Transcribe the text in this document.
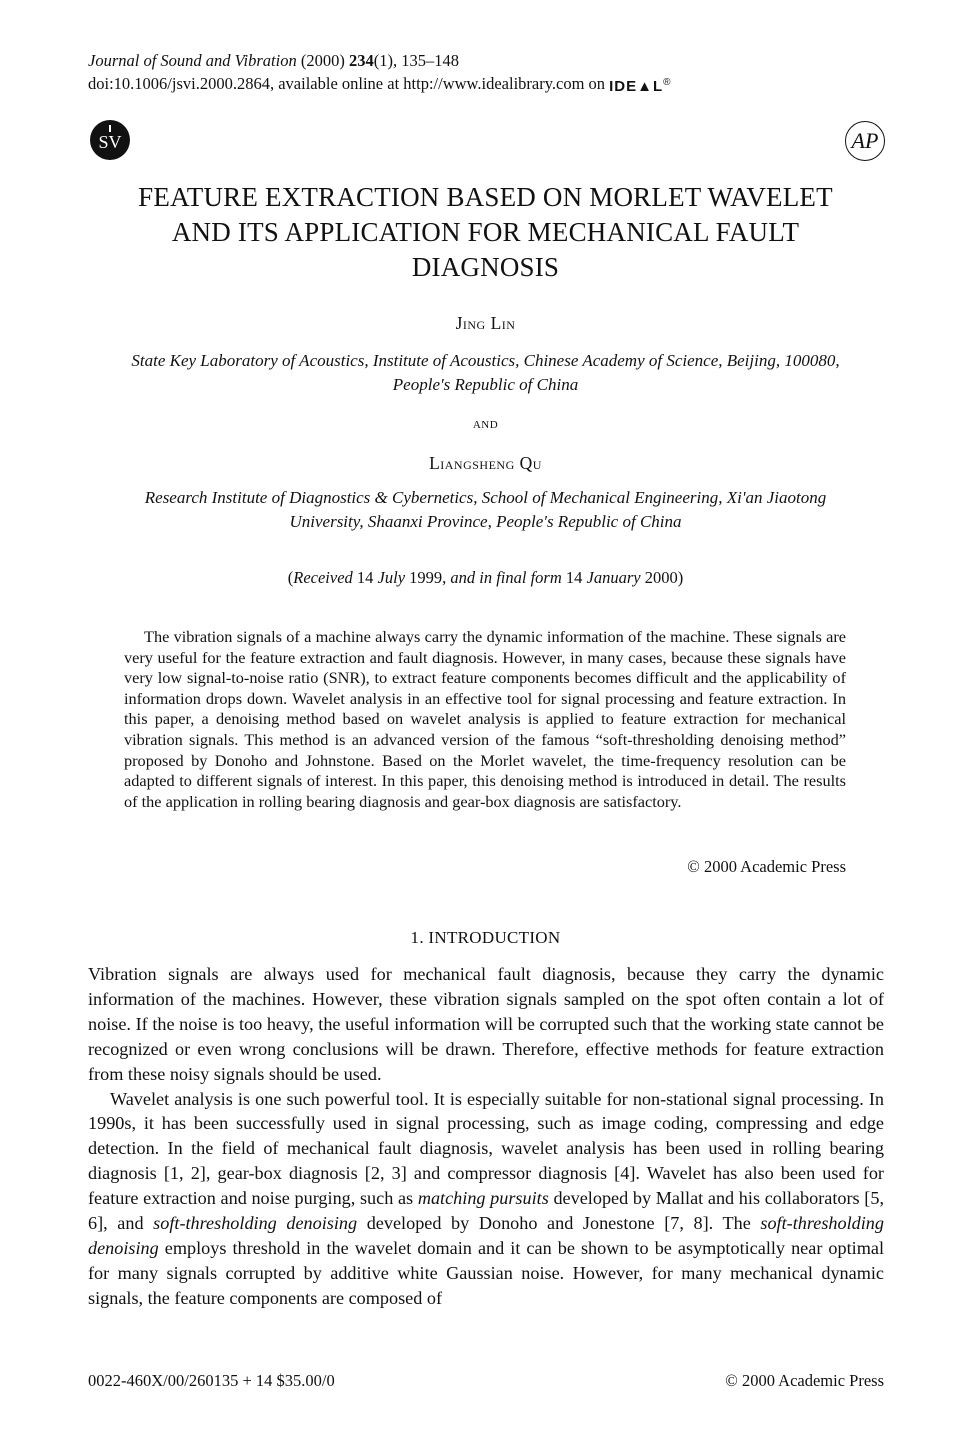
Journal of Sound and Vibration (2000) 234(1), 135–148
doi:10.1006/jsvi.2000.2864, available online at http://www.idealibrary.com on IDE▲L®
SV	AP
FEATURE EXTRACTION BASED ON MORLET WAVELET
AND ITS APPLICATION FOR MECHANICAL FAULT
DIAGNOSIS
Jing Lin
State Key Laboratory of Acoustics, Institute of Acoustics, Chinese Academy of Science, Beijing, 100080,
People's Republic of China
and
Liangsheng Qu
Research Institute of Diagnostics & Cybernetics, School of Mechanical Engineering, Xi'an Jiaotong
University, Shaanxi Province, People's Republic of China
(Received 14 July 1999, and in final form 14 January 2000)
The vibration signals of a machine always carry the dynamic information of the machine. These signals are very useful for the feature extraction and fault diagnosis. However, in many cases, because these signals have very low signal-to-noise ratio (SNR), to extract feature components becomes difficult and the applicability of information drops down. Wavelet analysis in an effective tool for signal processing and feature extraction. In this paper, a denoising method based on wavelet analysis is applied to feature extraction for mechanical vibration signals. This method is an advanced version of the famous “soft-thresholding denoising method” proposed by Donoho and Johnstone. Based on the Morlet wavelet, the time-frequency resolution can be adapted to different signals of interest. In this paper, this denoising method is introduced in detail. The results of the application in rolling bearing diagnosis and gear-box diagnosis are satisfactory.
© 2000 Academic Press
1. INTRODUCTION

Vibration signals are always used for mechanical fault diagnosis, because they carry the dynamic information of the machines. However, these vibration signals sampled on the spot often contain a lot of noise. If the noise is too heavy, the useful information will be corrupted such that the working state cannot be recognized or even wrong conclusions will be drawn. Therefore, effective methods for feature extraction from these noisy signals should be used.

Wavelet analysis is one such powerful tool. It is especially suitable for non-stational signal processing. In 1990s, it has been successfully used in signal processing, such as image coding, compressing and edge detection. In the field of mechanical fault diagnosis, wavelet analysis has been used in rolling bearing diagnosis [1, 2], gear-box diagnosis [2, 3] and compressor diagnosis [4]. Wavelet has also been used for feature extraction and noise purging, such as matching pursuits developed by Mallat and his collaborators [5, 6], and soft-thresholding denoising developed by Donoho and Jonestone [7, 8]. The soft-thresholding denoising employs threshold in the wavelet domain and it can be shown to be asymptotically near optimal for many signals corrupted by additive white Gaussian noise. However, for many mechanical dynamic signals, the feature components are composed of

0022-460X/00/260135 + 14 $35.00/0	© 2000 Academic Press
